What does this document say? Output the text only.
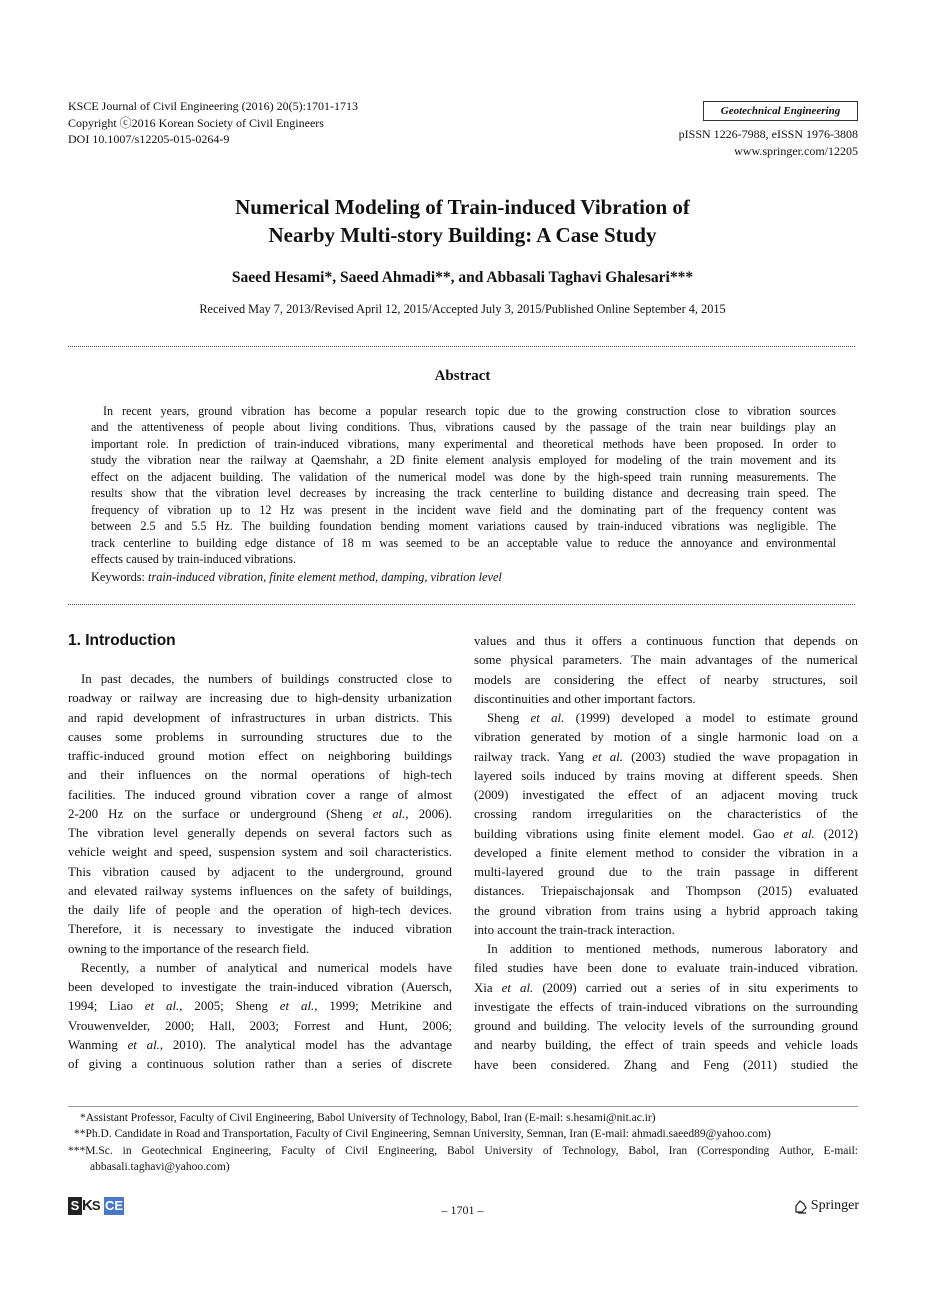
KSCE Journal of Civil Engineering (2016) 20(5):1701-1713
Copyright ⓒ2016 Korean Society of Civil Engineers
DOI 10.1007/s12205-015-0264-9
Geotechnical Engineering
pISSN 1226-7988, eISSN 1976-3808
www.springer.com/12205
Numerical Modeling of Train-induced Vibration of
Nearby Multi-story Building: A Case Study
Saeed Hesami*, Saeed Ahmadi**, and Abbasali Taghavi Ghalesari***
Received May 7, 2013/Revised April 12, 2015/Accepted July 3, 2015/Published Online September 4, 2015
Abstract
In recent years, ground vibration has become a popular research topic due to the growing construction close to vibration sources
and the attentiveness of people about living conditions. Thus, vibrations caused by the passage of the train near buildings play an
important role. In prediction of train-induced vibrations, many experimental and theoretical methods have been proposed. In order to
study the vibration near the railway at Qaemshahr, a 2D finite element analysis employed for modeling of the train movement and its
effect on the adjacent building. The validation of the numerical model was done by the high-speed train running measurements. The
results show that the vibration level decreases by increasing the track centerline to building distance and decreasing train speed. The
frequency of vibration up to 12 Hz was present in the incident wave field and the dominating part of the frequency content was
between 2.5 and 5.5 Hz. The building foundation bending moment variations caused by train-induced vibrations was negligible. The
track centerline to building edge distance of 18 m was seemed to be an acceptable value to reduce the annoyance and environmental
effects caused by train-induced vibrations.
Keywords: train-induced vibration, finite element method, damping, vibration level
1. Introduction
In past decades, the numbers of buildings constructed close to
roadway or railway are increasing due to high-density urbanization
and rapid development of infrastructures in urban districts. This
causes some problems in surrounding structures due to the
traffic-induced ground motion effect on neighboring buildings
and their influences on the normal operations of high-tech
facilities. The induced ground vibration cover a range of almost
2-200 Hz on the surface or underground (Sheng et al., 2006).
The vibration level generally depends on several factors such as
vehicle weight and speed, suspension system and soil characteristics.
This vibration caused by adjacent to the underground, ground
and elevated railway systems influences on the safety of buildings,
the daily life of people and the operation of high-tech devices.
Therefore, it is necessary to investigate the induced vibration
owning to the importance of the research field.
Recently, a number of analytical and numerical models have
been developed to investigate the train-induced vibration (Auersch,
1994; Liao et al., 2005; Sheng et al., 1999; Metrikine and
Vrouwenvelder, 2000; Hall, 2003; Forrest and Hunt, 2006;
Wanming et al., 2010). The analytical model has the advantage
of giving a continuous solution rather than a series of discrete
values and thus it offers a continuous function that depends on
some physical parameters. The main advantages of the numerical
models are considering the effect of nearby structures, soil
discontinuities and other important factors.
Sheng et al. (1999) developed a model to estimate ground
vibration generated by motion of a single harmonic load on a
railway track. Yang et al. (2003) studied the wave propagation in
layered soils induced by trains moving at different speeds. Shen
(2009) investigated the effect of an adjacent moving truck
crossing random irregularities on the characteristics of the
building vibrations using finite element model. Gao et al. (2012)
developed a finite element method to consider the vibration in a
multi-layered ground due to the train passage in different
distances. Triepaischajonsak and Thompson (2015) evaluated
the ground vibration from trains using a hybrid approach taking
into account the train-track interaction.
In addition to mentioned methods, numerous laboratory and
filed studies have been done to evaluate train-induced vibration.
Xia et al. (2009) carried out a series of in situ experiments to
investigate the effects of train-induced vibrations on the surrounding
ground and building. The velocity levels of the surrounding ground
and nearby building, the effect of train speeds and vehicle loads
have been considered. Zhang and Feng (2011) studied the
*Assistant Professor, Faculty of Civil Engineering, Babol University of Technology, Babol, Iran (E-mail: s.hesami@nit.ac.ir)
**Ph.D. Candidate in Road and Transportation, Faculty of Civil Engineering, Semnan University, Semnan, Iran (E-mail: ahmadi.saeed89@yahoo.com)
***M.Sc. in Geotechnical Engineering, Faculty of Civil Engineering, Babol University of Technology, Babol, Iran (Corresponding Author, E-mail:
abbasali.taghavi@yahoo.com)
S KS CE	– 1701 –	Springer
